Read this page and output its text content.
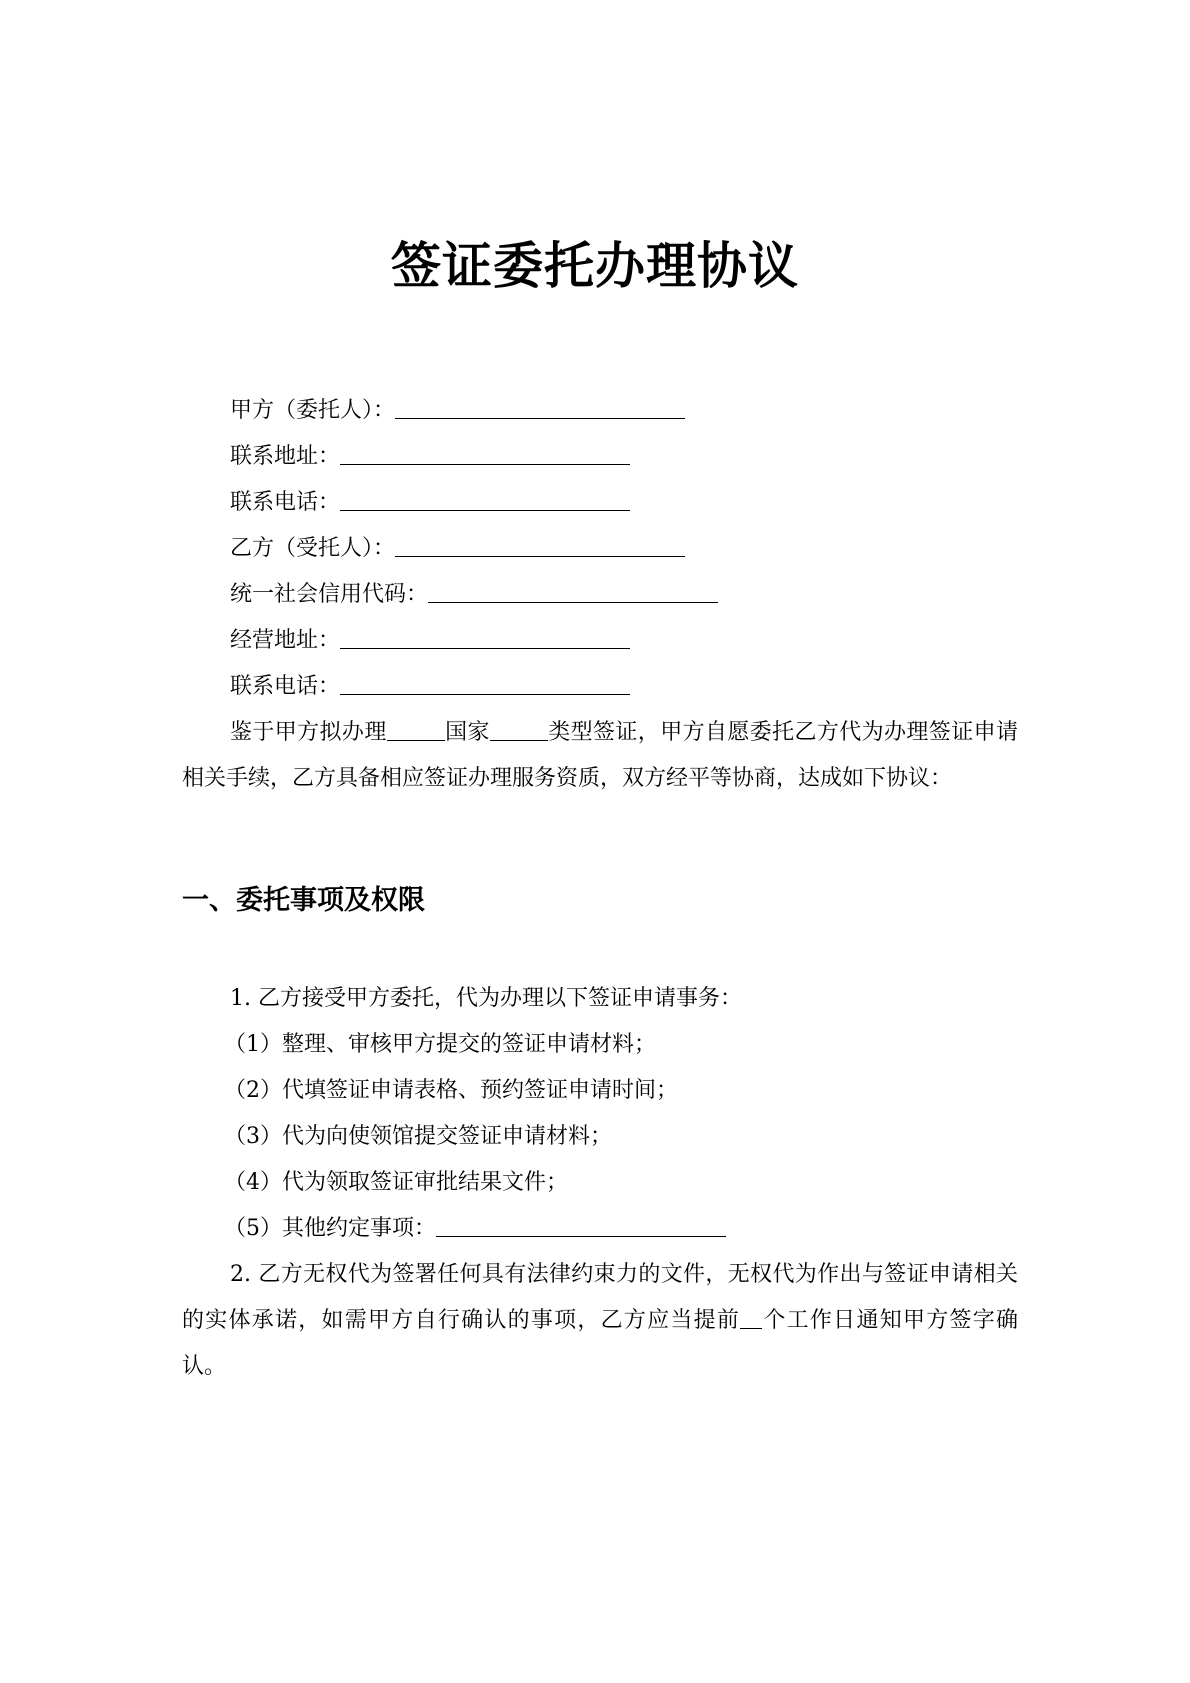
签证委托办理协议
甲方（委托人）：
联系地址：
联系电话：
乙方（受托人）：
统一社会信用代码：
经营地址：
联系电话：

鉴于甲方拟办理	国家	类型签证，甲方自愿委托乙方代为办理签证申请相关手续，乙方具备相应签证办理服务资质，双方经平等协商，达成如下协议：

一、委托事项及权限
1. 乙方接受甲方委托，代为办理以下签证申请事务：
（1）整理、审核甲方提交的签证申请材料；
（2）代填签证申请表格、预约签证申请时间；
（3）代为向使领馆提交签证申请材料；
（4）代为领取签证审批结果文件；
（5）其他约定事项：

2. 乙方无权代为签署任何具有法律约束力的文件，无权代为作出与签证申请相关的实体承诺，如需甲方自行确认的事项，乙方应当提前 个工作日通知甲方签字确认。
